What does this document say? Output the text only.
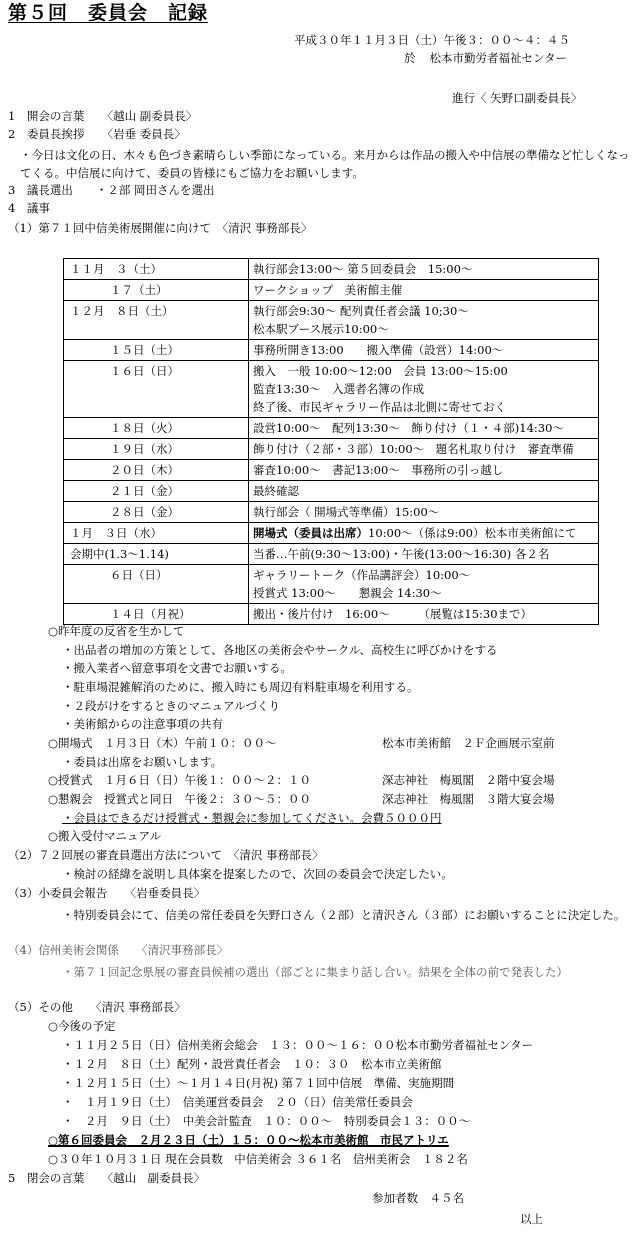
第５回　委員会　記録
平成３０年１１月３日（土）午後３：００～４：４５
於 松本市勤労者福祉センター
進行〈 矢野口副委員長〉
1　開会の言葉　　〈越山 副委員長〉
2　委員長挨拶　　〈岩垂 委員長〉
・今日は文化の日、木々も色づき素晴らしい季節になっている。来月からは作品の搬入や中信展の準備など忙しくなってくる。中信展に向けて、委員の皆様にもご協力をお願いします。
3　議長選出　　・２部 岡田さんを選出
4　議事
（1）第７１回中信美術展開催に向けて　〈清沢 事務部長〉
１１月　３（土）	執行部会13:00～ 第５回委員会　15:00～

１７（土）	ワークショップ　美術館主催

１２月　８日（土）	執行部会9:30～ 配列責任者会議 10;30～
松本駅ブース展示10:00～

１５日（土）	事務所開き13:00　　搬入準備（設営）14:00～

１６日（日）	搬入　一般 10:00～12:00　会員 13:00～15:00
監査13:30～　入選者名簿の作成
終了後、市民ギャラリー作品は北側に寄せておく

１８日（火）	設営10:00～　配列13:30～　飾り付け（１・４部)14:30～

１９日（水）	飾り付け（２部・３部）10:00～　題名札取り付け　審査準備

２０日（木）	審査10:00～　書記13:00～　事務所の引っ越し

２１日（金）	最終確認

２８日（金）	執行部会（ 開場式等準備）15:00～

１月　３日（水）	開場式（委員は出席）10:00～（係は9:00）松本市美術館にて
会期中(1.3～1.14)	当番…午前(9:30～13:00)・午後(13:00～16:30) 各２名

６日（日）	ギャラリートーク（作品講評会）10:00～
授賞式 13:00～　　懇親会 14:30～

１４日（月祝）	搬出・後片付け　16:00～　　　（展覧は15:30まで）
○昨年度の反省を生かして
・出品者の増加の方策として、各地区の美術会やサークル、高校生に呼びかけをする
・搬入業者へ留意事項を文書でお願いする。
・駐車場混雑解消のために、搬入時にも周辺有料駐車場を利用する。
・２段がけをするときのマニュアルづくり
・美術館からの注意事項の共有
○開場式　１月３日（木）午前１０：００～	松本市美術館　２Ｆ企画展示室前
・委員は出席をお願いします。
○授賞式　１月６日（日）午後１：００～２：１０	深志神社　梅風閣　２階中宴会場
○懇親会　授賞式と同日　午後２：３０～５：００	深志神社　梅風閣　３階大宴会場
・会員はできるだけ授賞式・懇親会に参加してください。会費５０００円
○搬入受付マニュアル
（2）７２回展の審査員選出方法について　〈清沢 事務部長〉
・検討の経緯を説明し具体案を提案したので、次回の委員会で決定したい。
（3）小委員会報告　　〈岩垂委員長〉
・特別委員会にて、信美の常任委員を矢野口さん（２部）と清沢さん（３部）にお願いすることに決定した。
（4）信州美術会関係　　〈清沢事務部長〉
・第７１回記念県展の審査員候補の選出（部ごとに集まり話し合い。結果を全体の前で発表した）
（5）その他　　〈清沢 事務部長〉
○今後の予定
・１１月２５日（日）信州美術会総会　１３：００～１６：００松本市勤労者福祉センター
・１２月　８日（土）配列・設営責任者会　１０：３０　松本市立美術館
・１２月１５日（土）～１月１４日(月祝) 第７１回中信展　準備、実施期間
・　１月１９日（土）　信美運営委員会　２０（日）信美常任委員会
・　２月　９日（土）　中美会計監査　１０：００～　特別委員会１３：００～
○第６回委員会　２月２３日（土）１５：００～松本市美術館　市民アトリエ
○３０年１０月３１日 現在会員数　中信美術会 ３６１名　信州美術会　１８２名
5　閉会の言葉　　〈越山　副委員長〉
参加者数　４５名
以上
